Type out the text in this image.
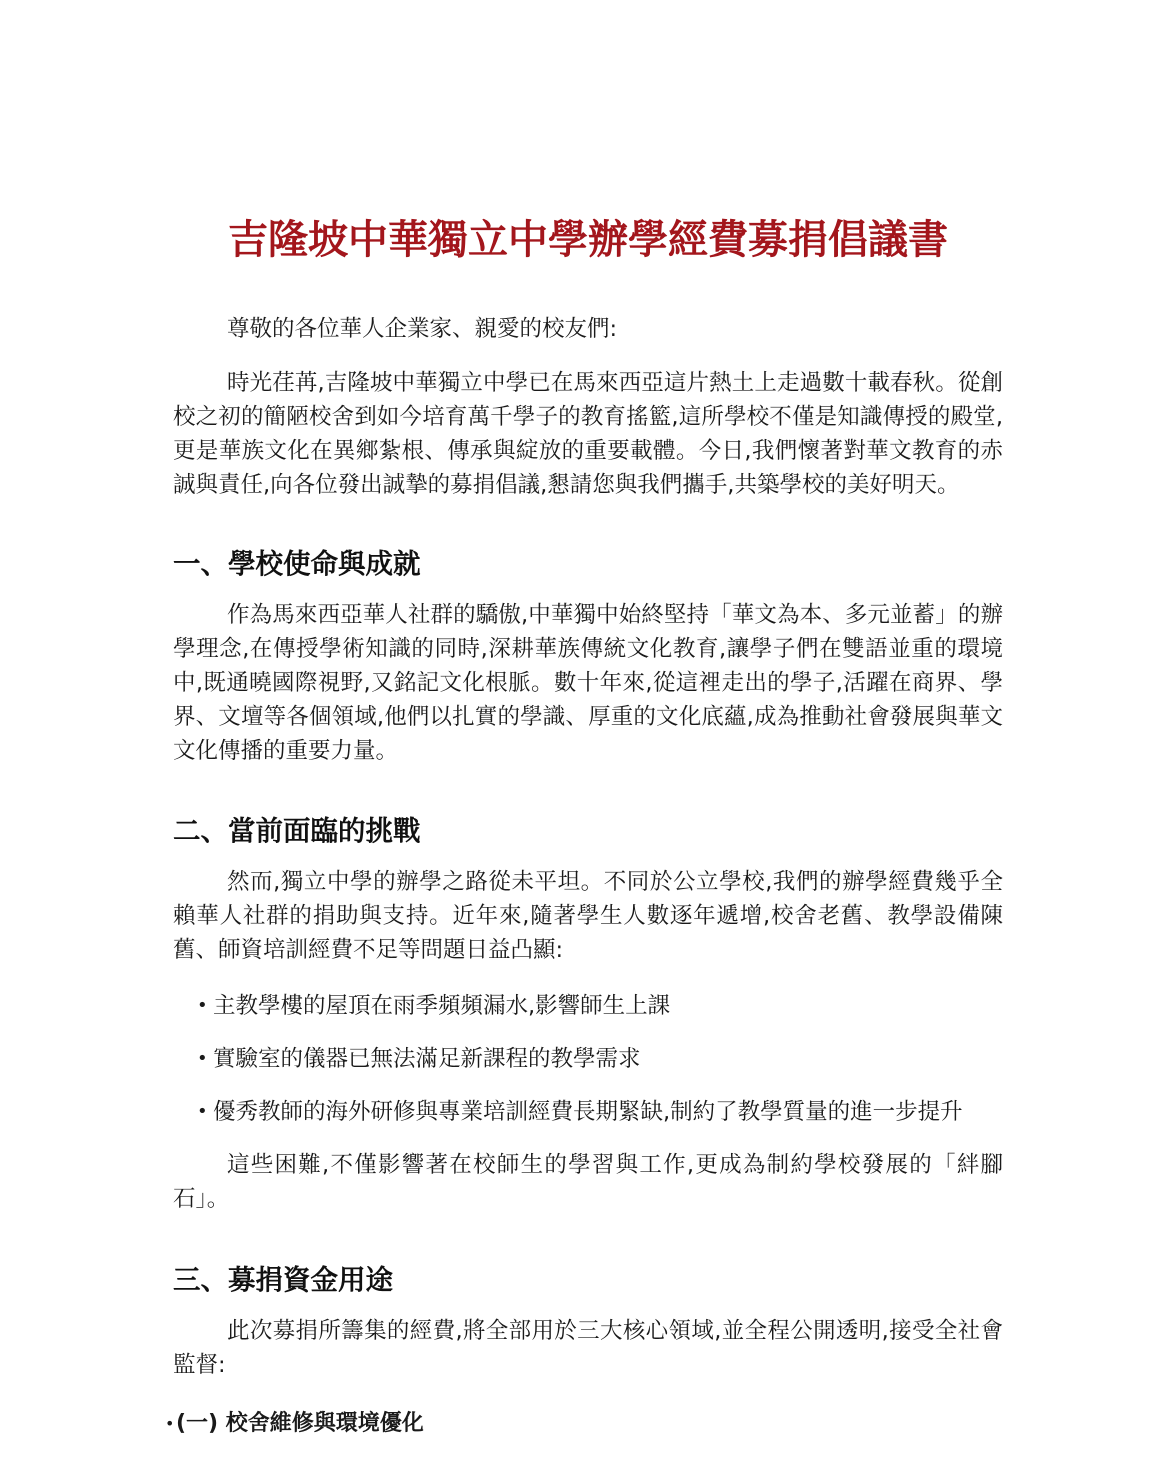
吉隆坡中華獨立中學辦學經費募捐倡議書

尊敬的各位華人企業家、親愛的校友們:

時光荏苒,吉隆坡中華獨立中學已在馬來西亞這片熱土上走過數十載春秋。從創校之初的簡陋校舍到如今培育萬千學子的教育搖籃,這所學校不僅是知識傳授的殿堂,更是華族文化在異鄉紮根、傳承與綻放的重要載體。今日,我們懷著對華文教育的赤誠與責任,向各位發出誠摯的募捐倡議,懇請您與我們攜手,共築學校的美好明天。

一、學校使命與成就

作為馬來西亞華人社群的驕傲,中華獨中始終堅持「華文為本、多元並蓄」的辦學理念,在傳授學術知識的同時,深耕華族傳統文化教育,讓學子們在雙語並重的環境中,既通曉國際視野,又銘記文化根脈。數十年來,從這裡走出的學子,活躍在商界、學界、文壇等各個領域,他們以扎實的學識、厚重的文化底蘊,成為推動社會發展與華文文化傳播的重要力量。

二、當前面臨的挑戰

然而,獨立中學的辦學之路從未平坦。不同於公立學校,我們的辦學經費幾乎全賴華人社群的捐助與支持。近年來,隨著學生人數逐年遞增,校舍老舊、教學設備陳舊、師資培訓經費不足等問題日益凸顯:

• 主教學樓的屋頂在雨季頻頻漏水,影響師生上課
• 實驗室的儀器已無法滿足新課程的教學需求
• 優秀教師的海外研修與專業培訓經費長期緊缺,制約了教學質量的進一步提升

這些困難,不僅影響著在校師生的學習與工作,更成為制約學校發展的「絆腳石」。

三、募捐資金用途

此次募捐所籌集的經費,將全部用於三大核心領域,並全程公開透明,接受全社會監督:

• (一) 校舍維修與環境優化
